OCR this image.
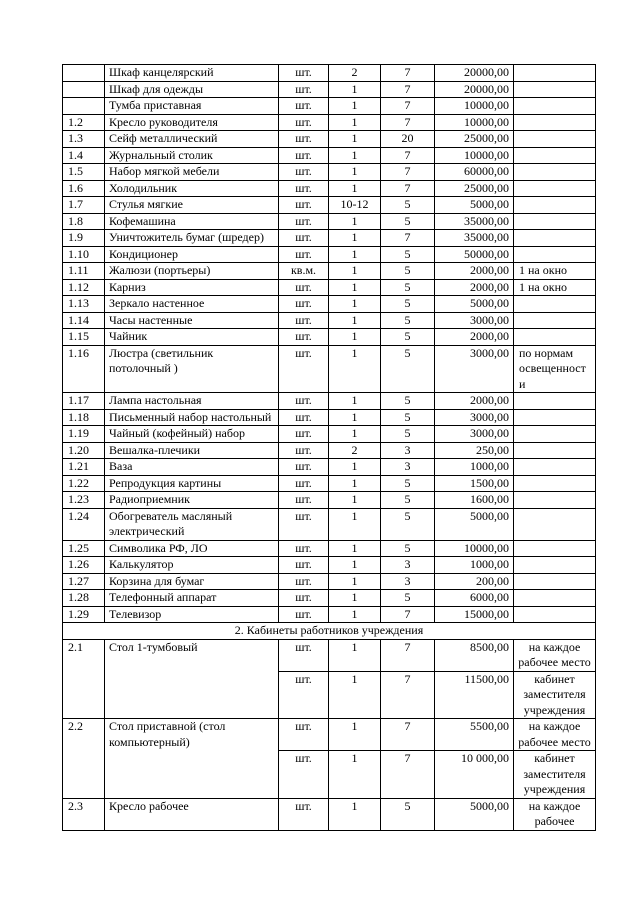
	Шкаф канцелярский	шт.	2	7	20000,00	
	Шкаф для одежды	шт.	1	7	20000,00	
	Тумба приставная	шт.	1	7	10000,00	
1.2	Кресло руководителя	шт.	1	7	10000,00	
1.3	Сейф металлический	шт.	1	20	25000,00	
1.4	Журнальный столик	шт.	1	7	10000,00	
1.5	Набор мягкой мебели	шт.	1	7	60000,00	
1.6	Холодильник	шт.	1	7	25000,00	
1.7	Стулья мягкие	шт.	10-12	5	5000,00	
1.8	Кофемашина	шт.	1	5	35000,00	
1.9	Уничтожитель бумаг (шредер)	шт.	1	7	35000,00	
1.10	Кондиционер	шт.	1	5	50000,00	
1.11	Жалюзи (портьеры)	кв.м.	1	5	2000,00	1 на окно
1.12	Карниз	шт.	1	5	2000,00	1 на окно
1.13	Зеркало настенное	шт.	1	5	5000,00	
1.14	Часы настенные	шт.	1	5	3000,00	
1.15	Чайник	шт.	1	5	2000,00	
1.16	Люстра (светильник потолочный )	шт.	1	5	3000,00	по нормам освещенност и
1.17	Лампа настольная	шт.	1	5	2000,00	
1.18	Письменный набор настольный	шт.	1	5	3000,00	
1.19	Чайный (кофейный) набор	шт.	1	5	3000,00	
1.20	Вешалка-плечики	шт.	2	3	250,00	
1.21	Ваза	шт.	1	3	1000,00	
1.22	Репродукция картины	шт.	1	5	1500,00	
1.23	Радиоприемник	шт.	1	5	1600,00	
1.24	Обогреватель масляный электрический	шт.	1	5	5000,00	
1.25	Символика РФ, ЛО	шт.	1	5	10000,00	
1.26	Калькулятор	шт.	1	3	1000,00	
1.27	Корзина для бумаг	шт.	1	3	200,00	
1.28	Телефонный аппарат	шт.	1	5	6000,00	
1.29	Телевизор	шт.	1	7	15000,00	
2. Кабинеты работников учреждения						
2.1	Стол 1-тумбовый	шт.	1	7	8500,00	на каждое рабочее место
		шт.	1	7	11500,00	кабинет заместителя учреждения
2.2	Стол приставной (стол компьютерный)	шт.	1	7	5500,00	на каждое рабочее место
		шт.	1	7	10 000,00	кабинет заместителя учреждения
2.3	Кресло рабочее	шт.	1	5	5000,00	на каждое рабочее
